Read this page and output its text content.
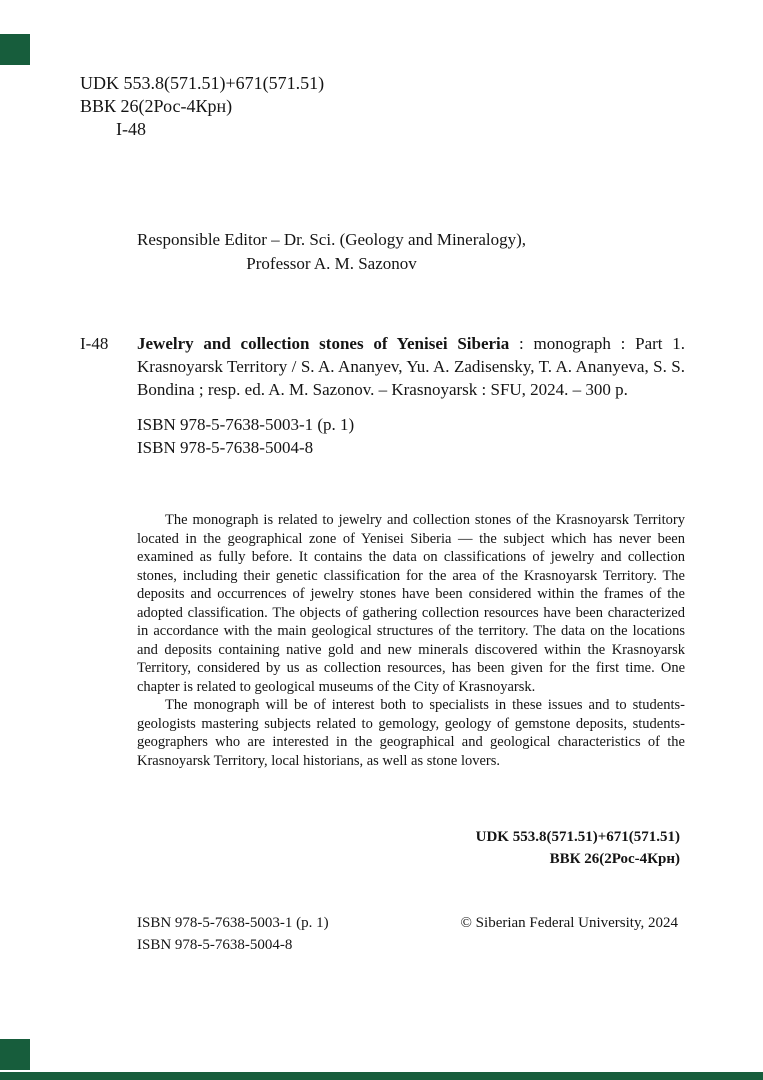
UDK 553.8(571.51)+671(571.51)
ВВК 26(2Рос-4Крн)
I-48
Responsible Editor – Dr. Sci. (Geology and Mineralogy),
Professor A. M. Sazonov
I-48	Jewelry and collection stones of Yenisei Siberia : monograph : Part 1. Krasnoyarsk Territory / S. A. Ananyev, Yu. A. Zadisensky, T. A. Ananyeva, S. S. Bondina ; resp. ed. A. M. Sazonov. – Krasnoyarsk : SFU, 2024. – 300 p.

ISBN 978-5-7638-5003-1 (p. 1)
ISBN 978-5-7638-5004-8

The monograph is related to jewelry and collection stones of the Krasnoyarsk Territory located in the geographical zone of Yenisei Siberia — the subject which has never been examined as fully before. It contains the data on classifications of jewelry and collection stones, including their genetic classification for the area of the Krasnoyarsk Territory. The deposits and occurrences of jewelry stones have been considered within the frames of the adopted classification. The objects of gathering collection resources have been characterized in accordance with the main geological structures of the territory. The data on the locations and deposits containing native gold and new minerals discovered within the Krasnoyarsk Territory, considered by us as collection resources, has been given for the first time. One chapter is related to geological museums of the City of Krasnoyarsk.

The monograph will be of interest both to specialists in these issues and to students-geologists mastering subjects related to gemology, geology of gemstone deposits, students-geographers who are interested in the geographical and geological characteristics of the Krasnoyarsk Territory, local historians, as well as stone lovers.

UDK 553.8(571.51)+671(571.51)
ВВК 26(2Рос-4Крн)
ISBN 978-5-7638-5003-1 (p. 1)
ISBN 978-5-7638-5004-8
© Siberian Federal University, 2024
